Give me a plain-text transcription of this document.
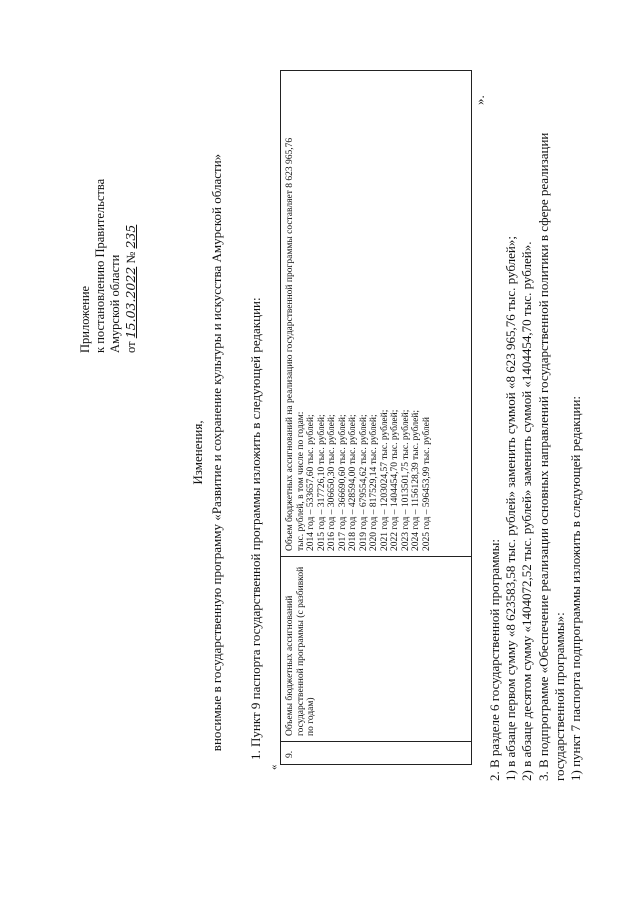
Приложение к постановлению Правительства Амурской области от 15.03.2022 № 235
Изменения, вносимые в государственную программу «Развитие и сохранение культуры и искусства Амурской области» 1. Пункт 9 паспорта государственной программы изложить в следующей редакции:
«
9.
Объемы бюджетных ассигнований государственной программы (с разбивкой по годам)
Объем бюджетных ассигнований на реализацию государственной программы составляет 8 623 965,76 тыс. рублей, в том числе по годам: 2014 год – 533657,60 тыс. рублей; 2015 год – 317726,10 тыс. рублей; 2016 год – 306650,30 тыс. рублей; 2017 год – 366690,60 тыс. рублей; 2018 год – 428594,00 тыс. рублей; 2019 год – 679554,62 тыс. рублей; 2020 год – 817529,14 тыс. рублей; 2021 год – 1203024,57 тыс. рублей; 2022 год – 1404454,70 тыс. рублей; 2023 год – 1013501,75 тыс. рублей; 2024 год – 1156128,39 тыс. рублей; 2025 год – 596453,99 тыс. рублей
».
2. В разделе 6 государственной программы: 1) в абзаце первом сумму «8 623583,58 тыс. рублей» заменить суммой «8 623 965,76 тыс. рублей»; 2) в абзаце десятом сумму «1404072,52 тыс. рублей» заменить суммой «1404454,70 тыс. рублей». 3. В подпрограмме «Обеспечение реализации основных направлений государственной политики в сфере реализации государственной программы»: 1) пункт 7 паспорта подпрограммы изложить в следующей редакции:
